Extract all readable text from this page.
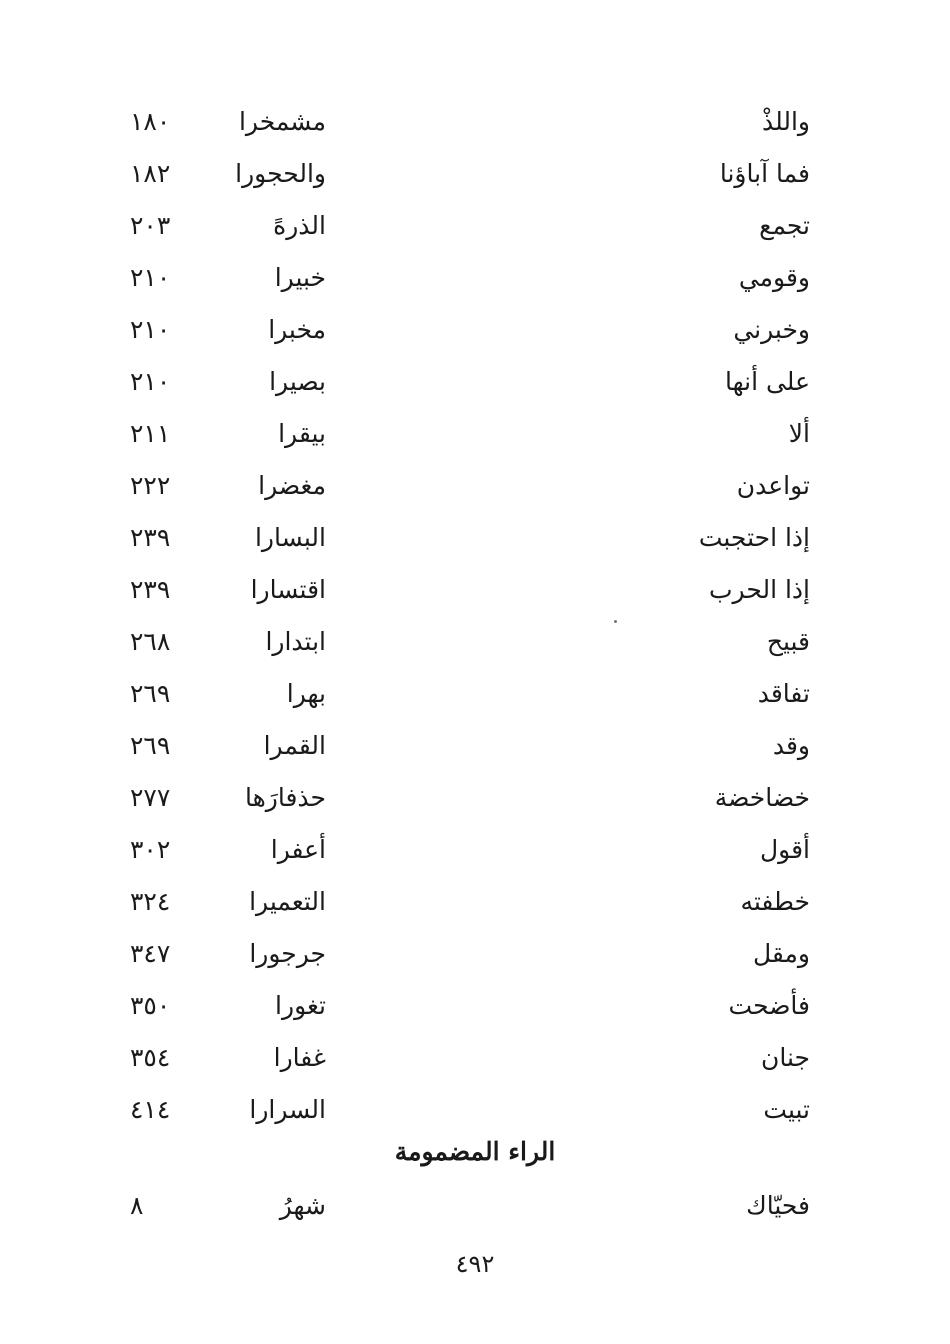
واللذْ
مشمخرا
١٨٠
فما آباؤنا
والحجورا
١٨٢
تجمع
الذرهً
٢٠٣
وقومي
خبيرا
٢١٠
وخبرني
مخبرا
٢١٠
على أنها
بصيرا
٢١٠
ألا
بيقرا
٢١١
تواعدن
مغضرا
٢٢٢
إذا احتجبت
البسارا
٢٣٩
إذا الحرب
اقتسارا
٢٣٩
قبيح
ابتدارا
٢٦٨
تفاقد
بهرا
٢٦٩
وقد
القمرا
٢٦٩
خضاخضة
حذفارَها
٢٧٧
أقول
أعفرا
٣٠٢
خطفته
التعميرا
٣٢٤
ومقل
جرجورا
٣٤٧
فأضحت
تغورا
٣٥٠
جنان
غفارا
٣٥٤
تبيت
السرارا
٤١٤
الراء المضمومة
فحيّاك
شهرُ
٨
٤٩٢
